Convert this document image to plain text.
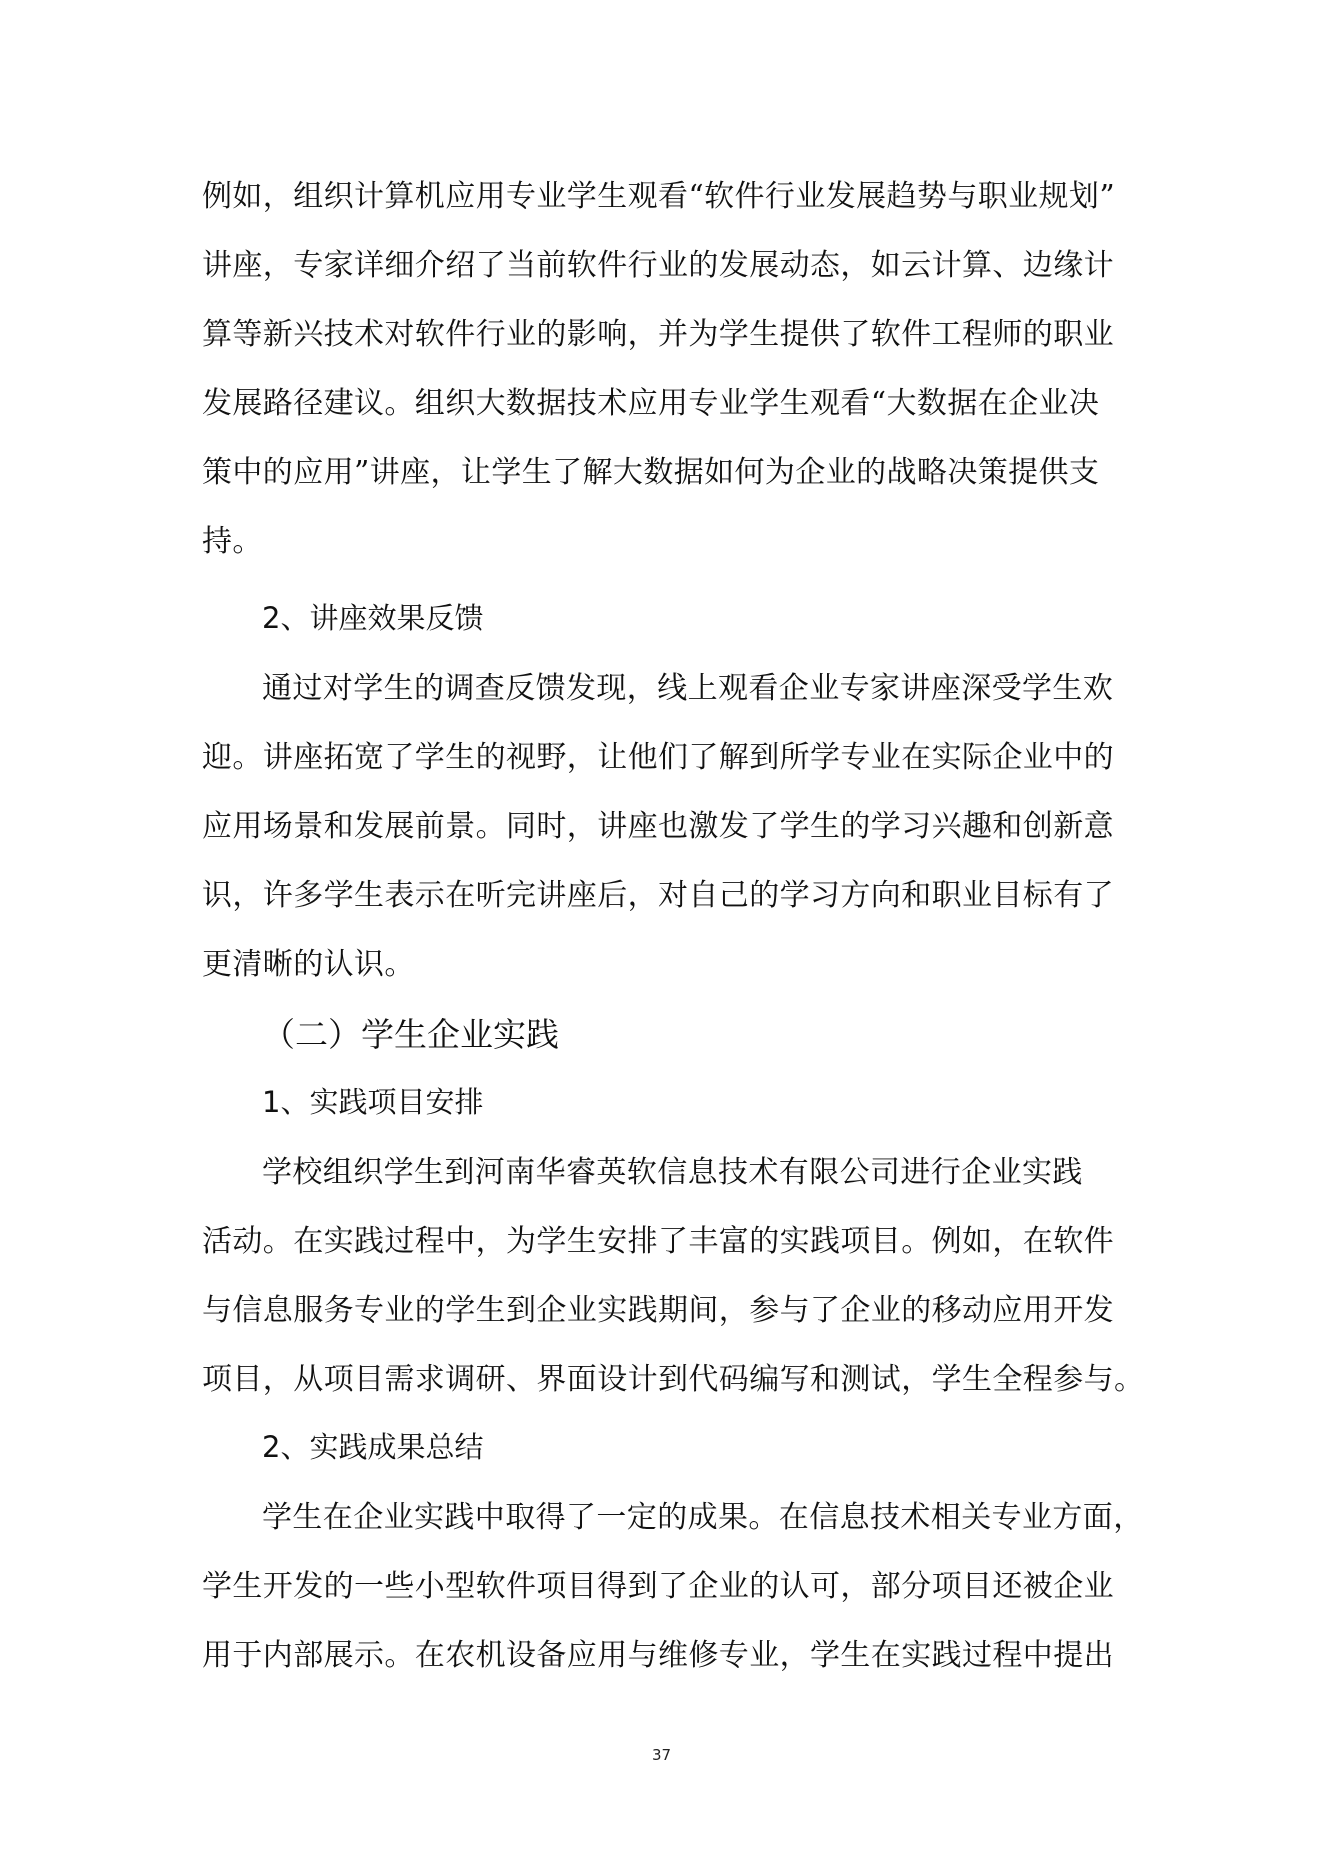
例如，组织计算机应用专业学生观看“软件行业发展趋势与职业规划”
讲座，专家详细介绍了当前软件行业的发展动态，如云计算、边缘计
算等新兴技术对软件行业的影响，并为学生提供了软件工程师的职业
发展路径建议。组织大数据技术应用专业学生观看“大数据在企业决
策中的应用”讲座，让学生了解大数据如何为企业的战略决策提供支
持。
2、讲座效果反馈
通过对学生的调查反馈发现，线上观看企业专家讲座深受学生欢
迎。讲座拓宽了学生的视野，让他们了解到所学专业在实际企业中的
应用场景和发展前景。同时，讲座也激发了学生的学习兴趣和创新意
识，许多学生表示在听完讲座后，对自己的学习方向和职业目标有了
更清晰的认识。
（二）学生企业实践
1、实践项目安排
学校组织学生到河南华睿英软信息技术有限公司进行企业实践
活动。在实践过程中，为学生安排了丰富的实践项目。例如，在软件
与信息服务专业的学生到企业实践期间，参与了企业的移动应用开发
项目，从项目需求调研、界面设计到代码编写和测试，学生全程参与。
2、实践成果总结
学生在企业实践中取得了一定的成果。在信息技术相关专业方面，
学生开发的一些小型软件项目得到了企业的认可，部分项目还被企业
用于内部展示。在农机设备应用与维修专业，学生在实践过程中提出
37
